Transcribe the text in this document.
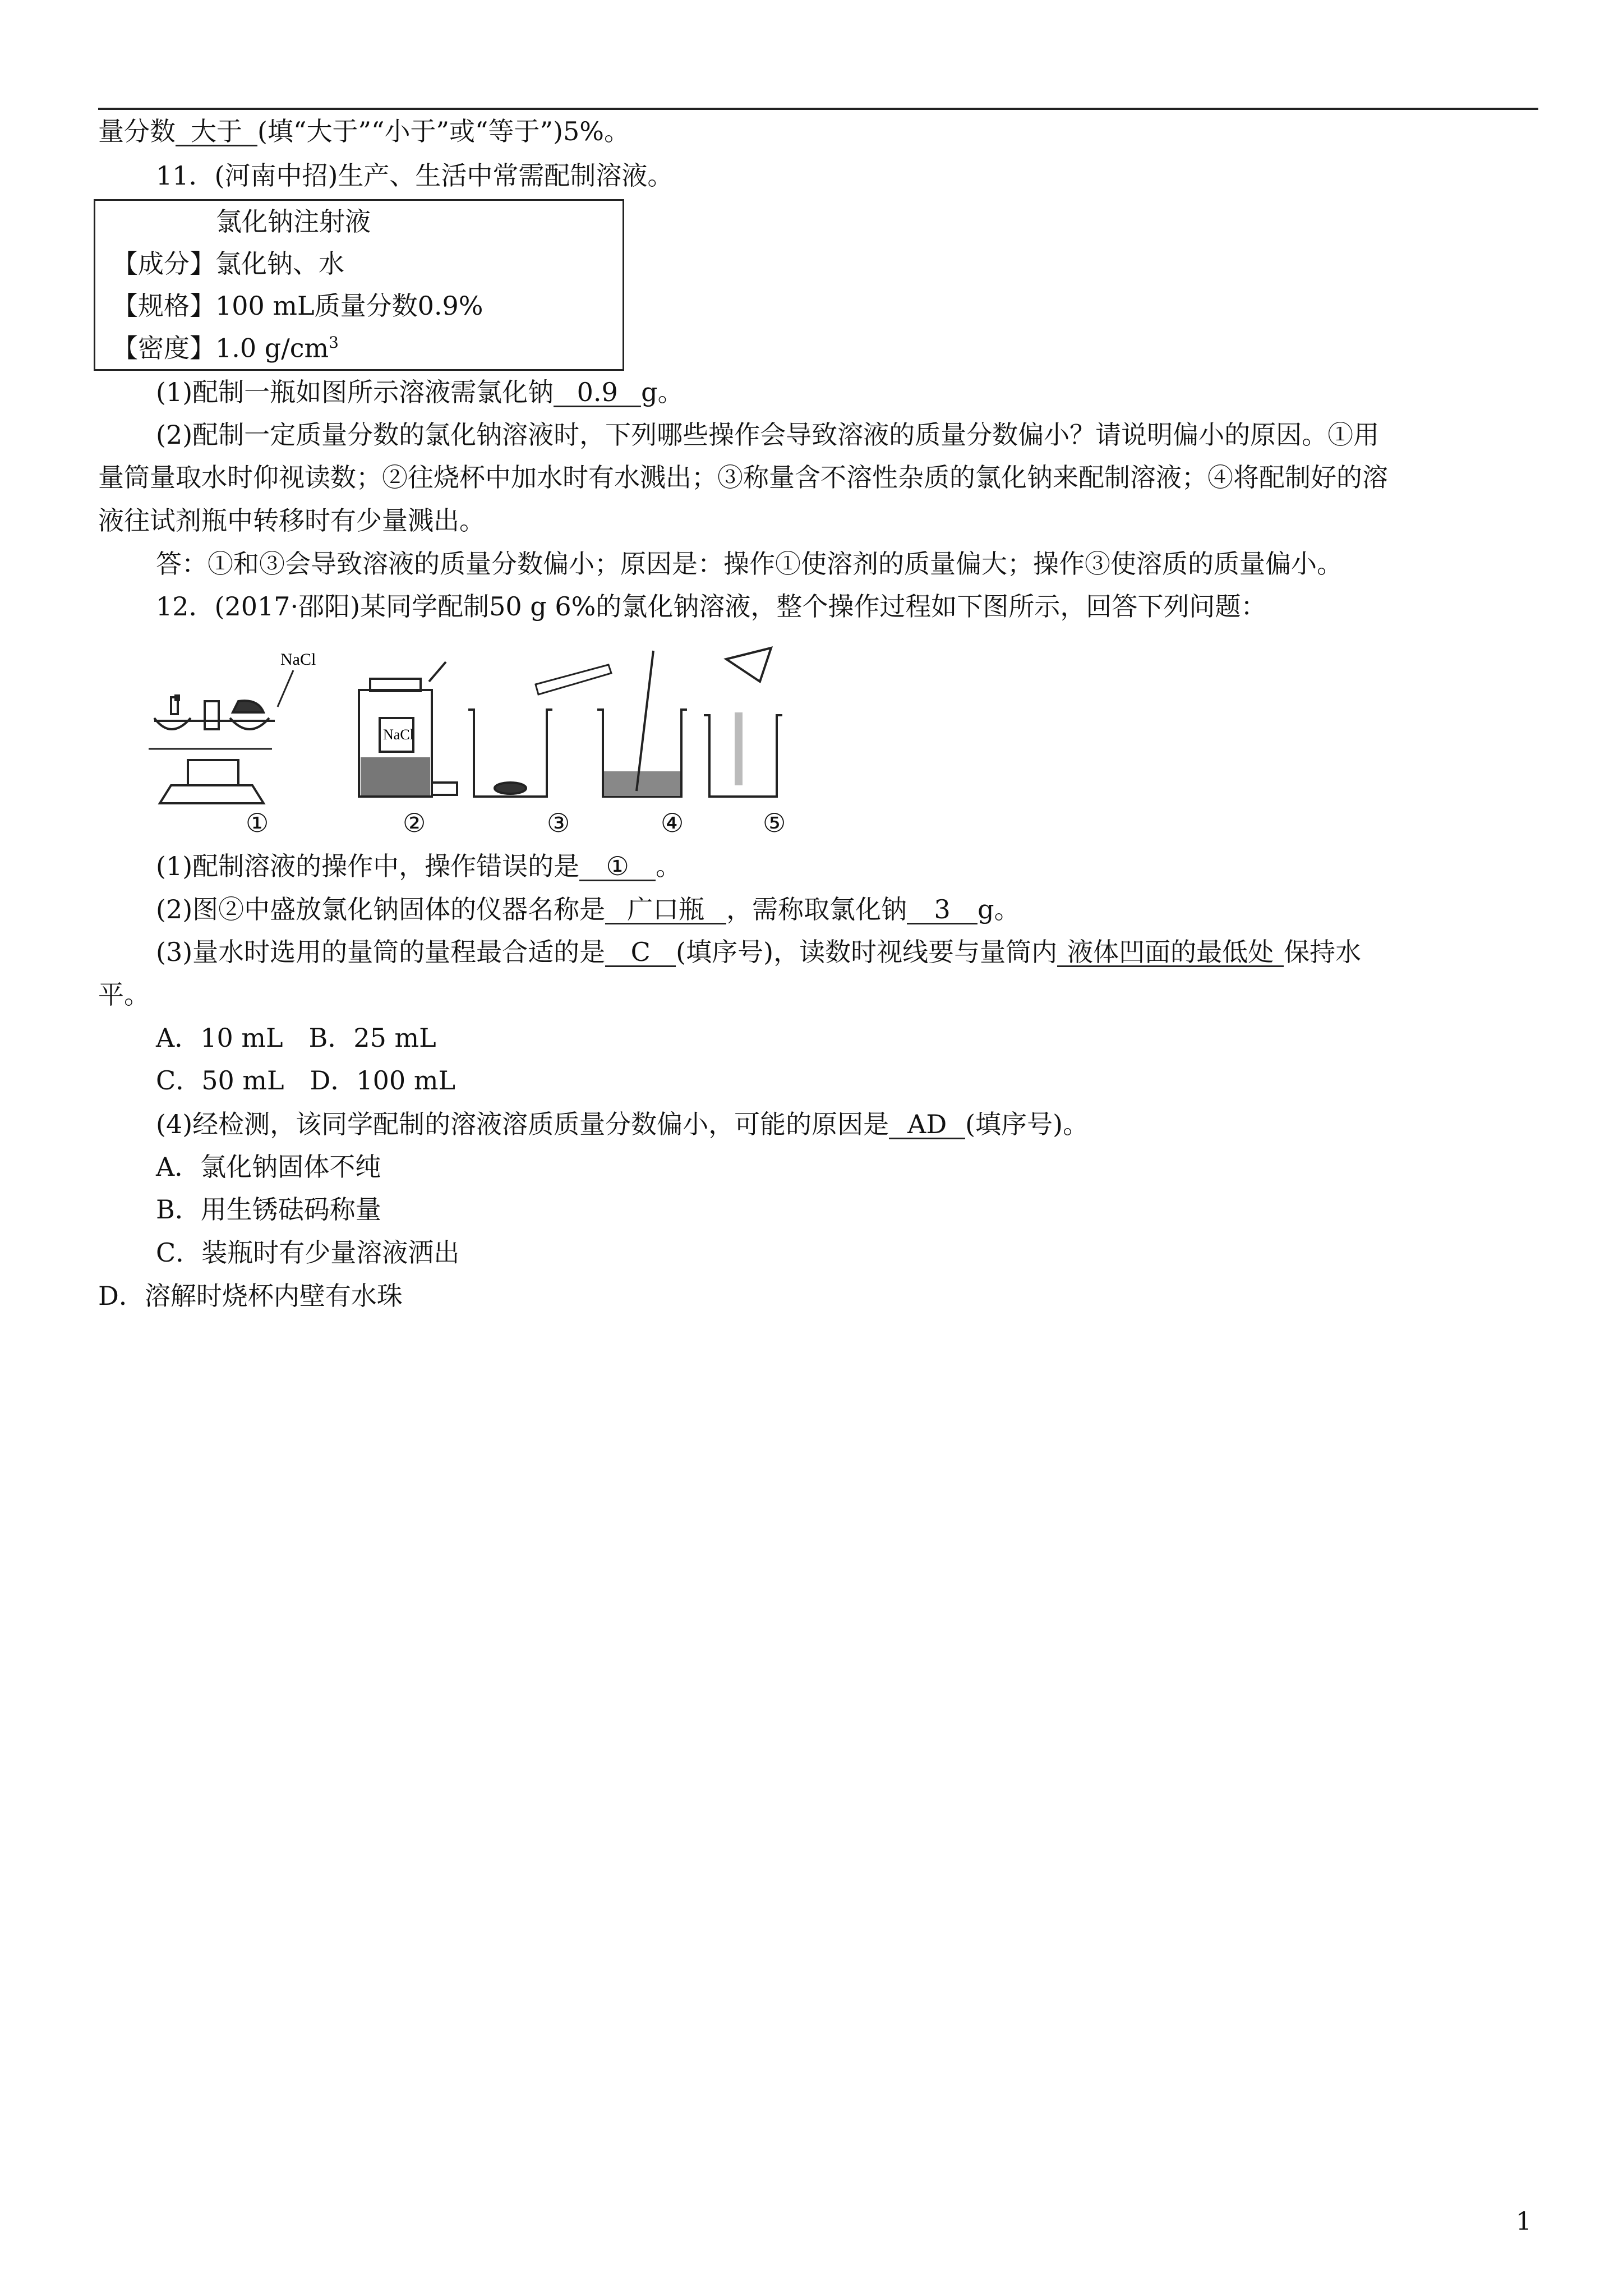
量分数 大于 (填“大于”“小于”或“等于”)5%。
11．(河南中招)生产、生活中常需配制溶液。
氯化钠注射液
【成分】氯化钠、水
【规格】100 mL质量分数0.9%
【密度】1.0 $g/cm^3$
(1)配制一瓶如图所示溶液需氯化钠 0.9 g。
(2)配制一定质量分数的氯化钠溶液时，下列哪些操作会导致溶液的质量分数偏小？请说明偏小的原因。①用
量筒量取水时仰视读数；②往烧杯中加水时有水溅出；③称量含不溶性杂质的氯化钠来配制溶液；④将配制好的溶
液往试剂瓶中转移时有少量溅出。
答：①和③会导致溶液的质量分数偏小；原因是：操作①使溶剂的质量偏大；操作③使溶质的质量偏小。
12．(2017·邵阳)某同学配制50 g 6%的氯化钠溶液，整个操作过程如下图所示，回答下列问题：
NaCl
NaCl
①	②	③	④	⑤
(1)配制溶液的操作中，操作错误的是 ① 。
(2)图②中盛放氯化钠固体的仪器名称是 广口瓶 ，需称取氯化钠 3 g。
(3)量水时选用的量筒的量程最合适的是 C (填序号)，读数时视线要与量筒内 液体凹面的最低处 保持水
平。
A．10 mL　B．25 mL
C．50 mL　D．100 mL
(4)经检测，该同学配制的溶液溶质质量分数偏小，可能的原因是 AD (填序号)。
A．氯化钠固体不纯
B．用生锈砝码称量
C．装瓶时有少量溶液洒出
D．溶解时烧杯内壁有水珠
1
